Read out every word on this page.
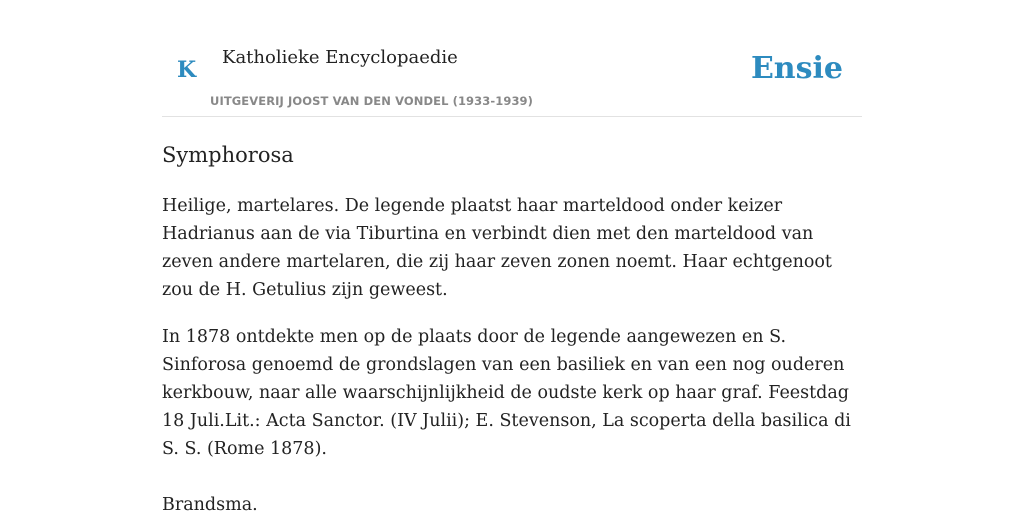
K Katholieke Encyclopaedie
UITGEVERIJ JOOST VAN DEN VONDEL (1933-1939)
Ensie
Symphorosa

Heilige, martelares. De legende plaatst haar marteldood onder keizer Hadrianus aan de via Tiburtina en verbindt dien met den marteldood van zeven andere martelaren, die zij haar zeven zonen noemt. Haar echtgenoot zou de H. Getulius zijn geweest.

In 1878 ontdekte men op de plaats door de legende aangewezen en S. Sinforosa genoemd de grondslagen van een basiliek en van een nog ouderen kerkbouw, naar alle waarschijnlijkheid de oudste kerk op haar graf. Feestdag 18 Juli.Lit.: Acta Sanctor. (IV Julii); E. Stevenson, La scoperta della basilica di S. S. (Rome 1878).

Brandsma.
